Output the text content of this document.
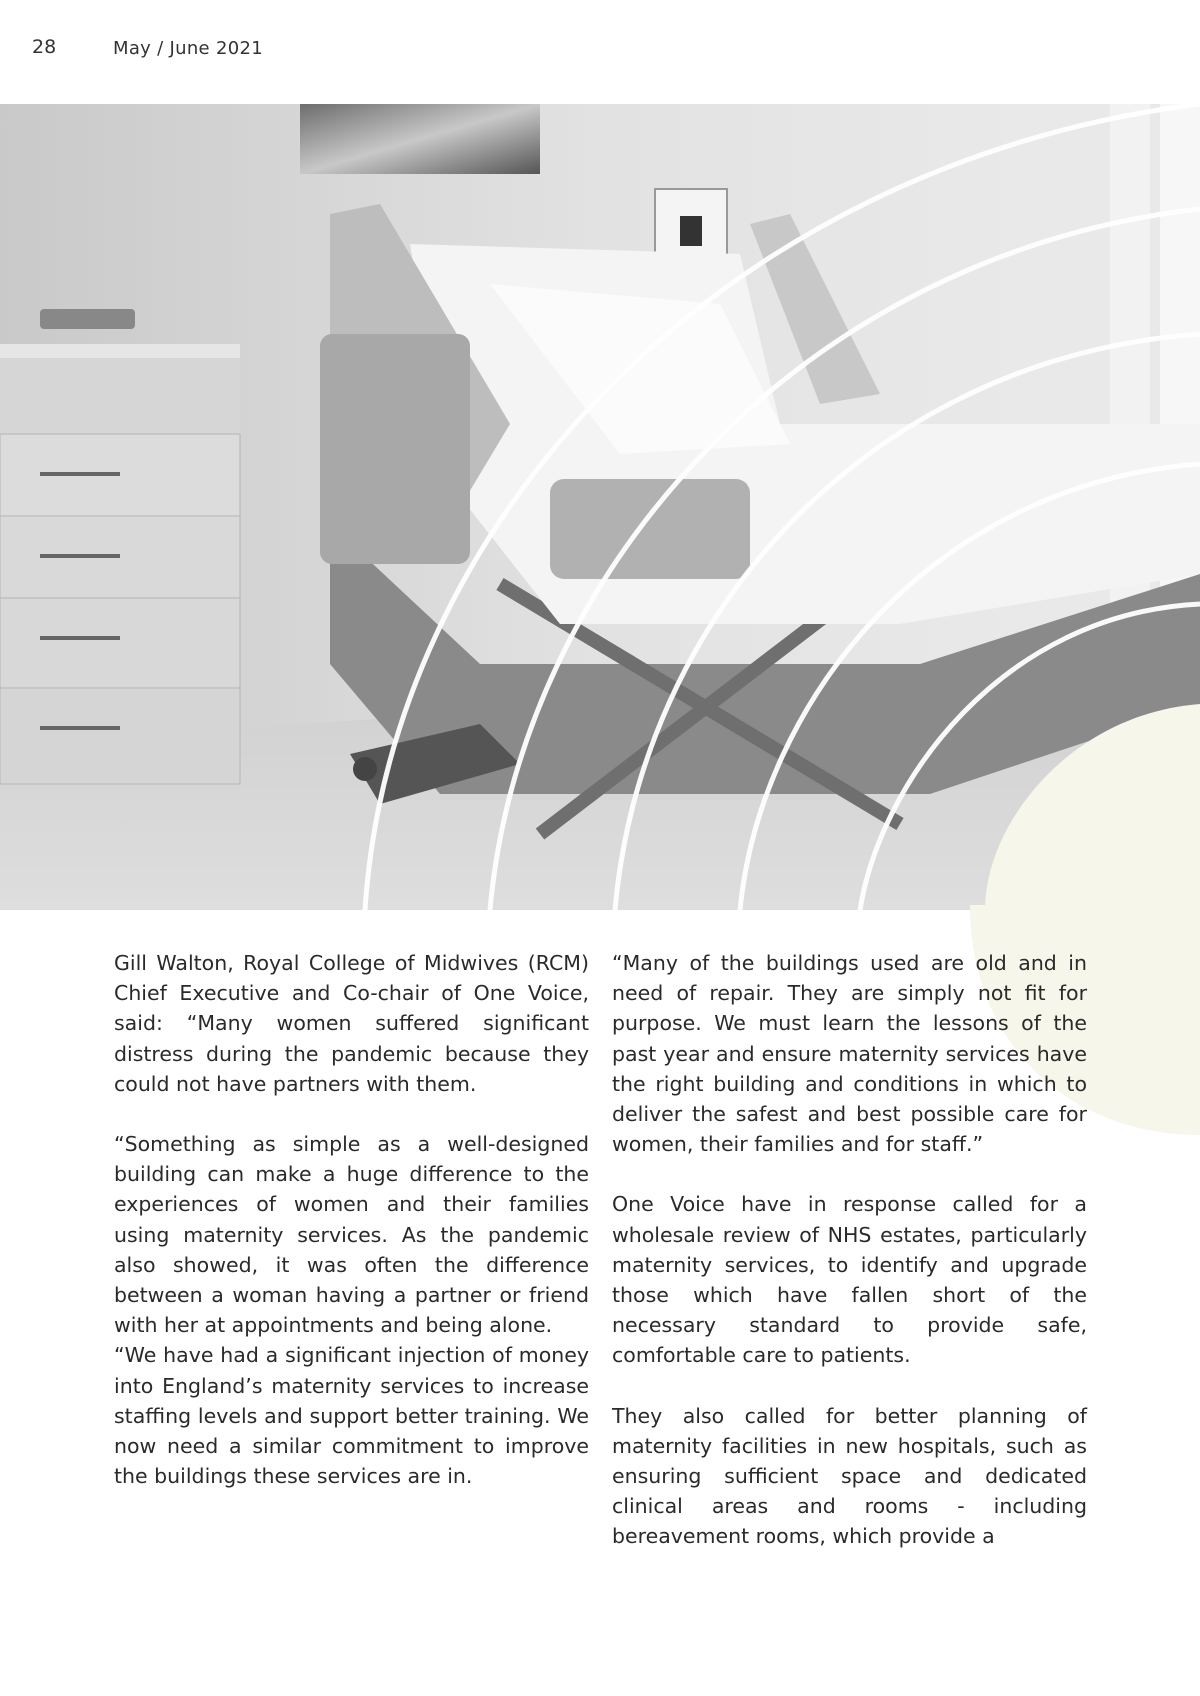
28	May / June 2021

Gill Walton, Royal College of Midwives (RCM) Chief Executive and Co-chair of One Voice, said: “Many women suffered significant distress during the pandemic because they could not have partners with them.

“Something as simple as a well-designed building can make a huge difference to the experiences of women and their families using maternity services. As the pandemic also showed, it was often the difference between a woman having a partner or friend with her at appointments and being alone.

“We have had a significant injection of money into England’s maternity services to increase staffing levels and support better training. We now need a similar commitment to improve the buildings these services are in.

“Many of the buildings used are old and in need of repair. They are simply not fit for purpose. We must learn the lessons of the past year and ensure maternity services have the right building and conditions in which to deliver the safest and best possible care for women, their families and for staff.”

One Voice have in response called for a wholesale review of NHS estates, particularly maternity services, to identify and upgrade those which have fallen short of the necessary standard to provide safe, comfortable care to patients.

They also called for better planning of maternity facilities in new hospitals, such as ensuring sufficient space and dedicated clinical areas and rooms - including bereavement rooms, which provide a
